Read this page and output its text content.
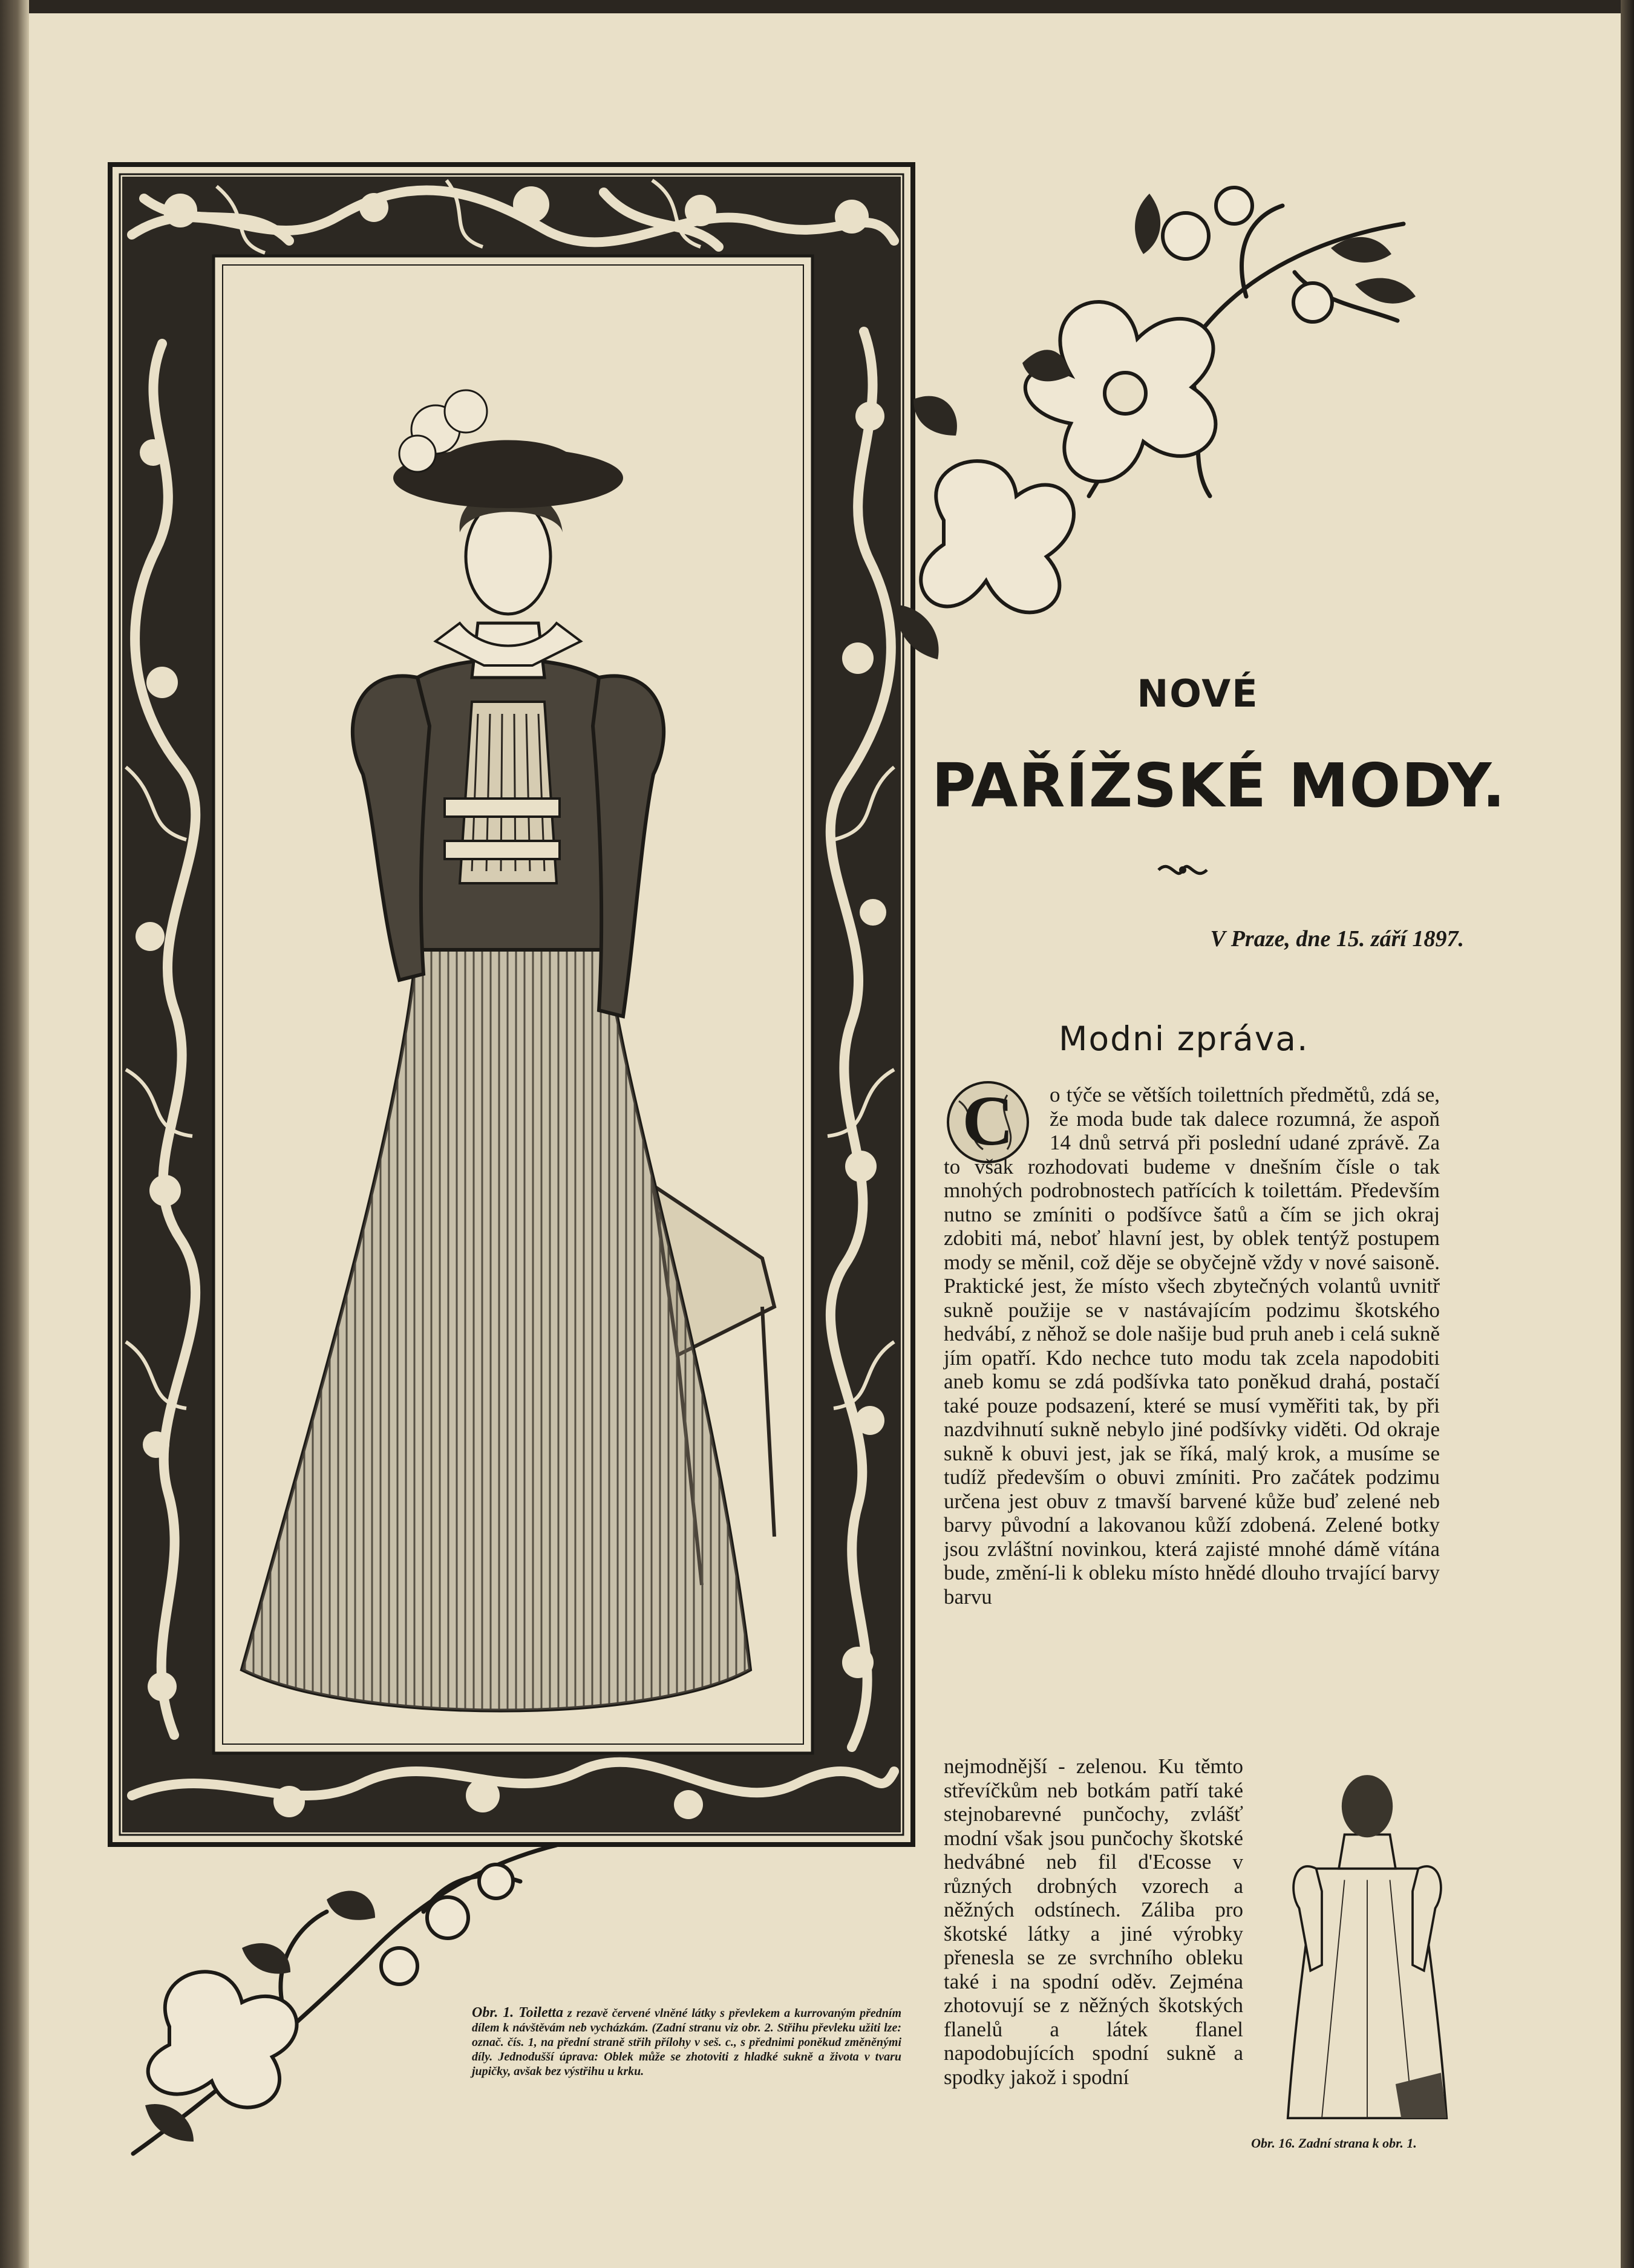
NOVÉ
PAŘÍŽSKÉ MODY.
V Praze, dne 15. září 1897.
Modni zpráva.
C	o týče se větších toilettních předmětů, zdá se, že moda bude tak dalece rozumná, že aspoň 14 dnů setrvá při poslední udané zprávě. Za to však rozhodovati budeme v dnešním čísle o tak mnohých podrobnostech patřících k toilettám. Především nutno se zmíniti o podšívce šatů a čím se jich okraj zdobiti má, neboť hlavní jest, by oblek tentýž postupem mody se měnil, což děje se obyčejně vždy v nové saisoně. Praktické jest, že místo všech zbytečných volantů uvnitř sukně použije se v nastávajícím podzimu škotského hedvábí, z něhož se dole našije bud pruh aneb i celá sukně jím opatří. Kdo nechce tuto modu tak zcela napodobiti aneb komu se zdá podšívka tato poněkud drahá, postačí také pouze podsazení, které se musí vyměřiti tak, by při nazdvihnutí sukně nebylo jiné podšívky viděti. Od okraje sukně k obuvi jest, jak se říká, malý krok, a musíme se tudíž především o obuvi zmíniti. Pro začátek podzimu určena jest obuv z tmavší barvené kůže buď zelené neb barvy původní a lakovanou kůží zdobená. Zelené botky jsou zvláštní novinkou, která zajisté mnohé dámě vítána bude, změní-li k obleku místo hnědé dlouho trvající barvy barvu
nejmodnější - zelenou. Ku těmto střevíčkům neb botkám patří také stejnobarevné punčochy, zvlášť modní však jsou punčochy škotské hedvábné neb fil d'Ecosse v různých drobných vzorech a něžných odstínech. Záliba pro škotské látky a jiné výrobky přenesla se ze svrchního obleku také i na spodní oděv. Zejména zhotovují se z něžných škotských flanelů a látek flanel napodobujících spodní sukně a spodky jakož i spodní
Obr. 1. Toiletta z rezavě červené vlněné látky s převlekem a kurrovaným předním dílem k návštěvám neb vycházkám. (Zadní stranu viz obr. 2. Střihu převleku užiti lze: označ. čís. 1, na přední straně střih přílohy v seš. c., s přednimi poněkud změněnými díly. Jednodušší úprava: Oblek může se zhotoviti z hladké sukně a života v tvaru jupičky, avšak bez výstřihu u krku.
Obr. 16. Zadní strana k obr. 1.
